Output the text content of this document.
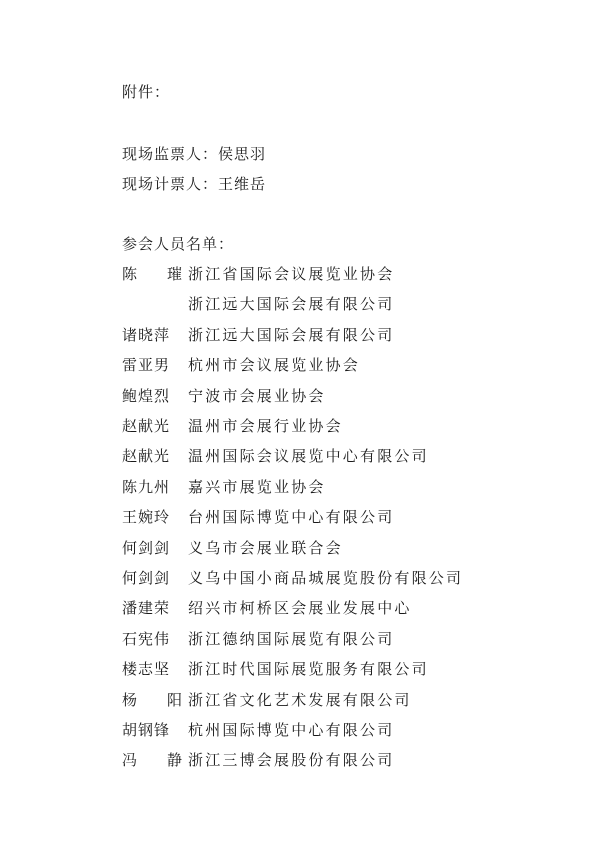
附件：
现场监票人：侯思羽
现场计票人：王维岳
参会人员名单：
陈 璀 浙江省国际会议展览业协会
浙江远大国际会展有限公司
诸晓萍 浙江远大国际会展有限公司
雷亚男 杭州市会议展览业协会
鲍煌烈 宁波市会展业协会
赵献光 温州市会展行业协会
赵献光 温州国际会议展览中心有限公司
陈九州 嘉兴市展览业协会
王婉玲 台州国际博览中心有限公司
何剑剑 义乌市会展业联合会
何剑剑 义乌中国小商品城展览股份有限公司
潘建荣 绍兴市柯桥区会展业发展中心
石宪伟 浙江德纳国际展览有限公司
楼志坚 浙江时代国际展览服务有限公司
杨 阳 浙江省文化艺术发展有限公司
胡钢锋 杭州国际博览中心有限公司
冯 静 浙江三博会展股份有限公司
